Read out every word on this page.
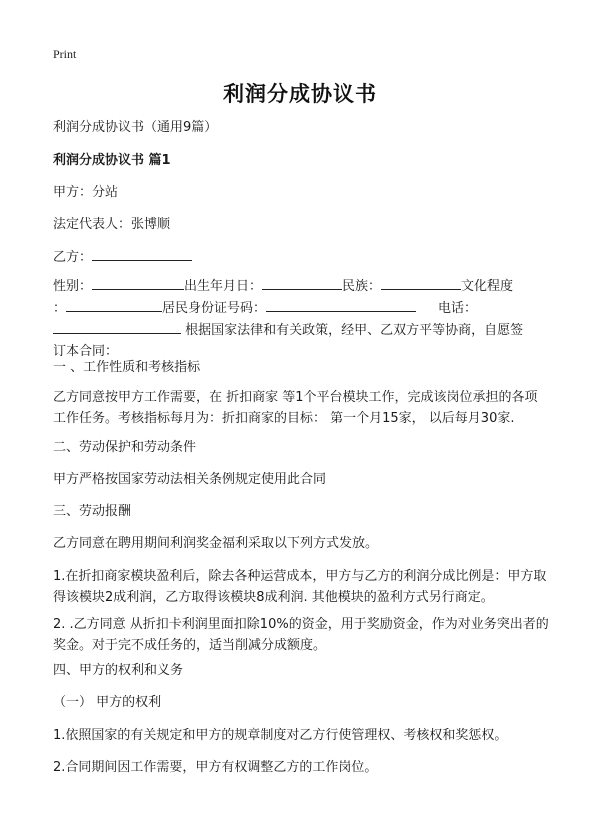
Print
利润分成协议书
利润分成协议书（通用9篇）
利润分成协议书 篇1
甲方：分站
法定代表人：张博顺
乙方：
性别：	出生年月日：	民族：	文化程度
：	居民身份证号码：	电话：
根据国家法律和有关政策，经甲、乙双方平等协商，自愿签
订本合同：
一 、工作性质和考核指标
乙方同意按甲方工作需要，在 折扣商家 等1个平台模块工作，完成该岗位承担的各项工作任务。考核指标每月为：折扣商家的目标： 第一个月15家， 以后每月30家.
二、劳动保护和劳动条件
甲方严格按国家劳动法相关条例规定使用此合同
三、劳动报酬
乙方同意在聘用期间利润奖金福利采取以下列方式发放。
1.在折扣商家模块盈利后，除去各种运营成本，甲方与乙方的利润分成比例是：甲方取得该模块2成利润，乙方取得该模块8成利润. 其他模块的盈利方式另行商定。
2. .乙方同意 从折扣卡利润里面扣除10%的资金，用于奖励资金，作为对业务突出者的奖金。对于完不成任务的，适当削减分成额度。
四、甲方的权利和义务
（一） 甲方的权利
1.依照国家的有关规定和甲方的规章制度对乙方行使管理权、考核权和奖惩权。
2.合同期间因工作需要，甲方有权调整乙方的工作岗位。
